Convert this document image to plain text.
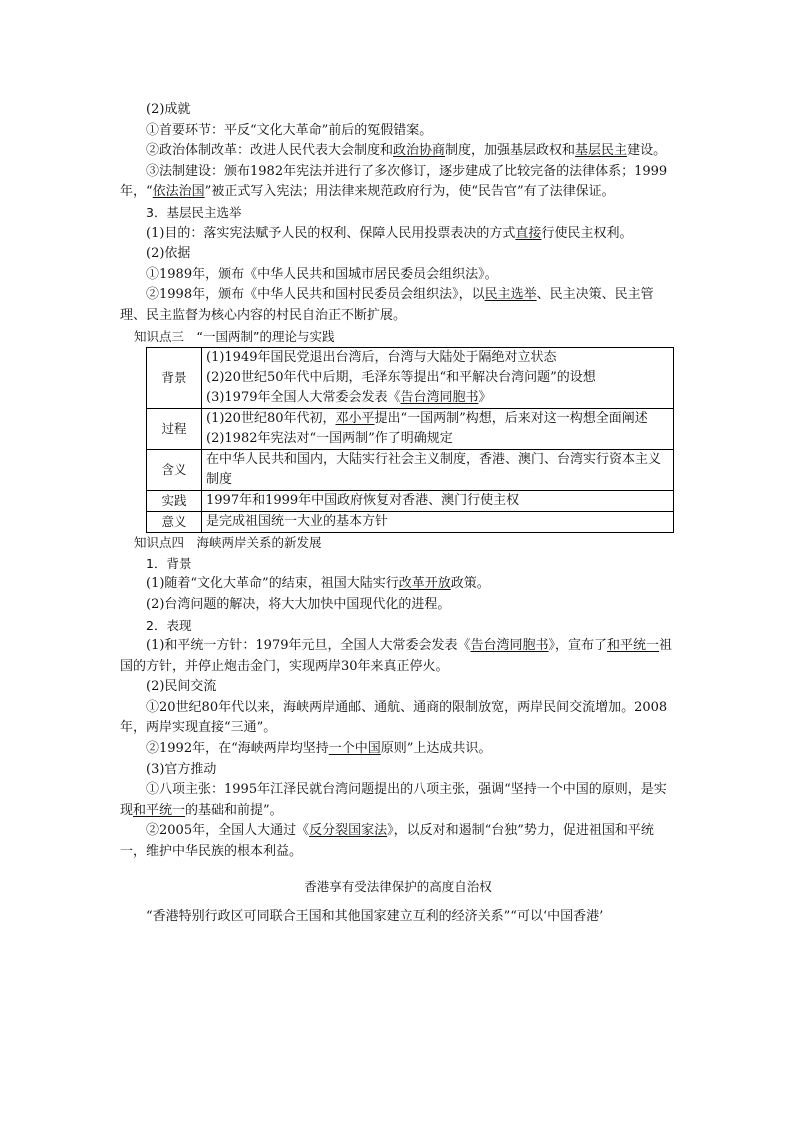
(2)成就

①首要环节：平反“文化大革命”前后的冤假错案。

②政治体制改革：改进人民代表大会制度和政治协商制度，加强基层政权和基层民主建设。

③法制建设：颁布1982年宪法并进行了多次修订，逐步建成了比较完备的法律体系；1999年，“依法治国”被正式写入宪法；用法律来规范政府行为，使“民告官”有了法律保证。

3．基层民主选举

(1)目的：落实宪法赋予人民的权利、保障人民用投票表决的方式直接行使民主权利。

(2)依据

①1989年，颁布《中华人民共和国城市居民委员会组织法》。

②1998年，颁布《中华人民共和国村民委员会组织法》，以民主选举、民主决策、民主管理、民主监督为核心内容的村民自治正不断扩展。

知识点三　“一国两制”的理论与实践

背景	(1)1949年国民党退出台湾后，台湾与大陆处于隔绝对立状态
(2)20世纪50年代中后期，毛泽东等提出“和平解决台湾问题”的设想
(3)1979年全国人大常委会发表《告台湾同胞书》

过程	(1)20世纪80年代初，邓小平提出“一国两制”构想，后来对这一构想全面阐述
(2)1982年宪法对“一国两制”作了明确规定

含义	在中华人民共和国内，大陆实行社会主义制度，香港、澳门、台湾实行资本主义制度

实践	1997年和1999年中国政府恢复对香港、澳门行使主权

意义	是完成祖国统一大业的基本方针

知识点四　海峡两岸关系的新发展

1．背景

(1)随着“文化大革命”的结束，祖国大陆实行改革开放政策。

(2)台湾问题的解决，将大大加快中国现代化的进程。

2．表现

(1)和平统一方针：1979年元旦，全国人大常委会发表《告台湾同胞书》，宣布了和平统一祖国的方针，并停止炮击金门，实现两岸30年来真正停火。

(2)民间交流

①20世纪80年代以来，海峡两岸通邮、通航、通商的限制放宽，两岸民间交流增加。2008年，两岸实现直接“三通”。

②1992年，在“海峡两岸均坚持一个中国原则”上达成共识。

(3)官方推动

①八项主张：1995年江泽民就台湾问题提出的八项主张，强调“坚持一个中国的原则，是实现和平统一的基础和前提”。

②2005年，全国人大通过《反分裂国家法》，以反对和遏制“台独”势力，促进祖国和平统一，维护中华民族的根本利益。

香港享有受法律保护的高度自治权

“香港特别行政区可同联合王国和其他国家建立互利的经济关系”“可以‘中国香港’
